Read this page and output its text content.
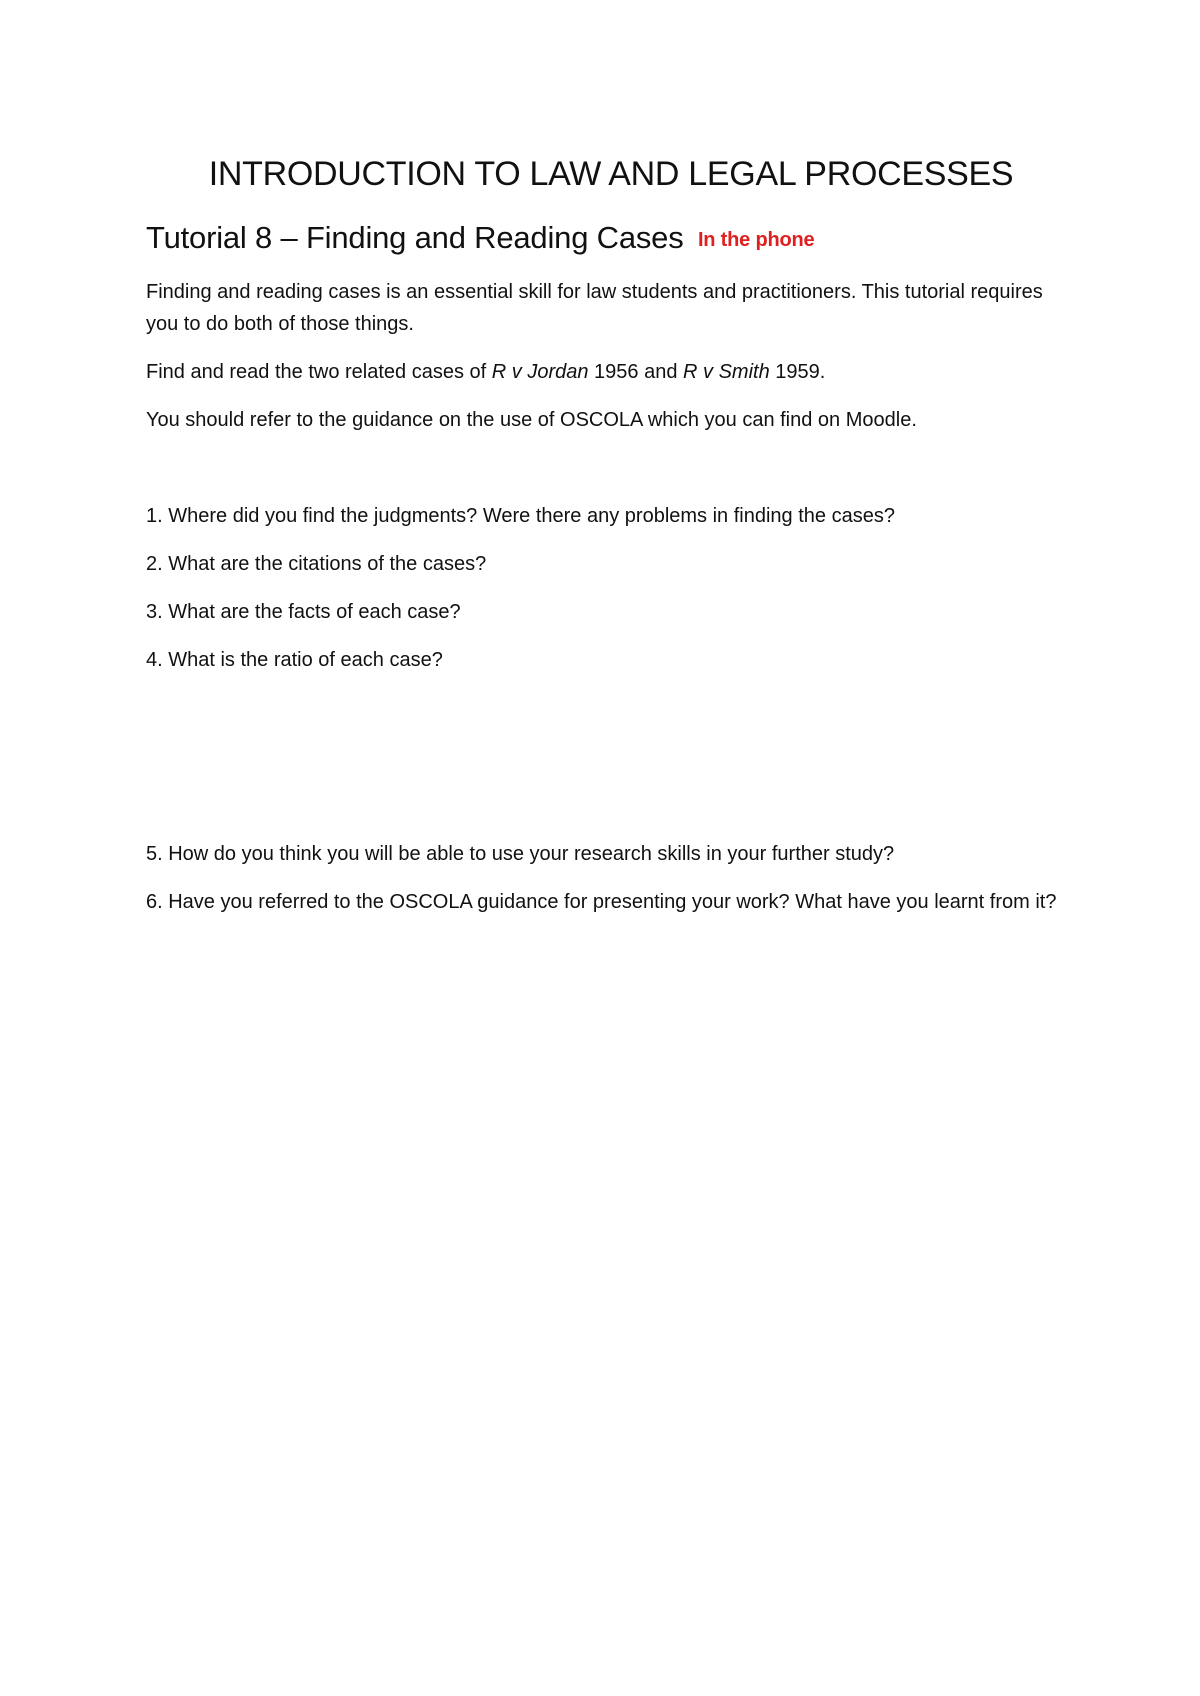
INTRODUCTION TO LAW AND LEGAL PROCESSES
Tutorial 8 – Finding and Reading Cases In the phone

Finding and reading cases is an essential skill for law students and practitioners. This tutorial requires you to do both of those things.

Find and read the two related cases of R v Jordan 1956 and R v Smith 1959.

You should refer to the guidance on the use of OSCOLA which you can find on Moodle.

1. Where did you find the judgments? Were there any problems in finding the cases?

2. What are the citations of the cases?

3. What are the facts of each case?

4. What is the ratio of each case?

5. How do you think you will be able to use your research skills in your further study?

6. Have you referred to the OSCOLA guidance for presenting your work? What have you learnt from it?
